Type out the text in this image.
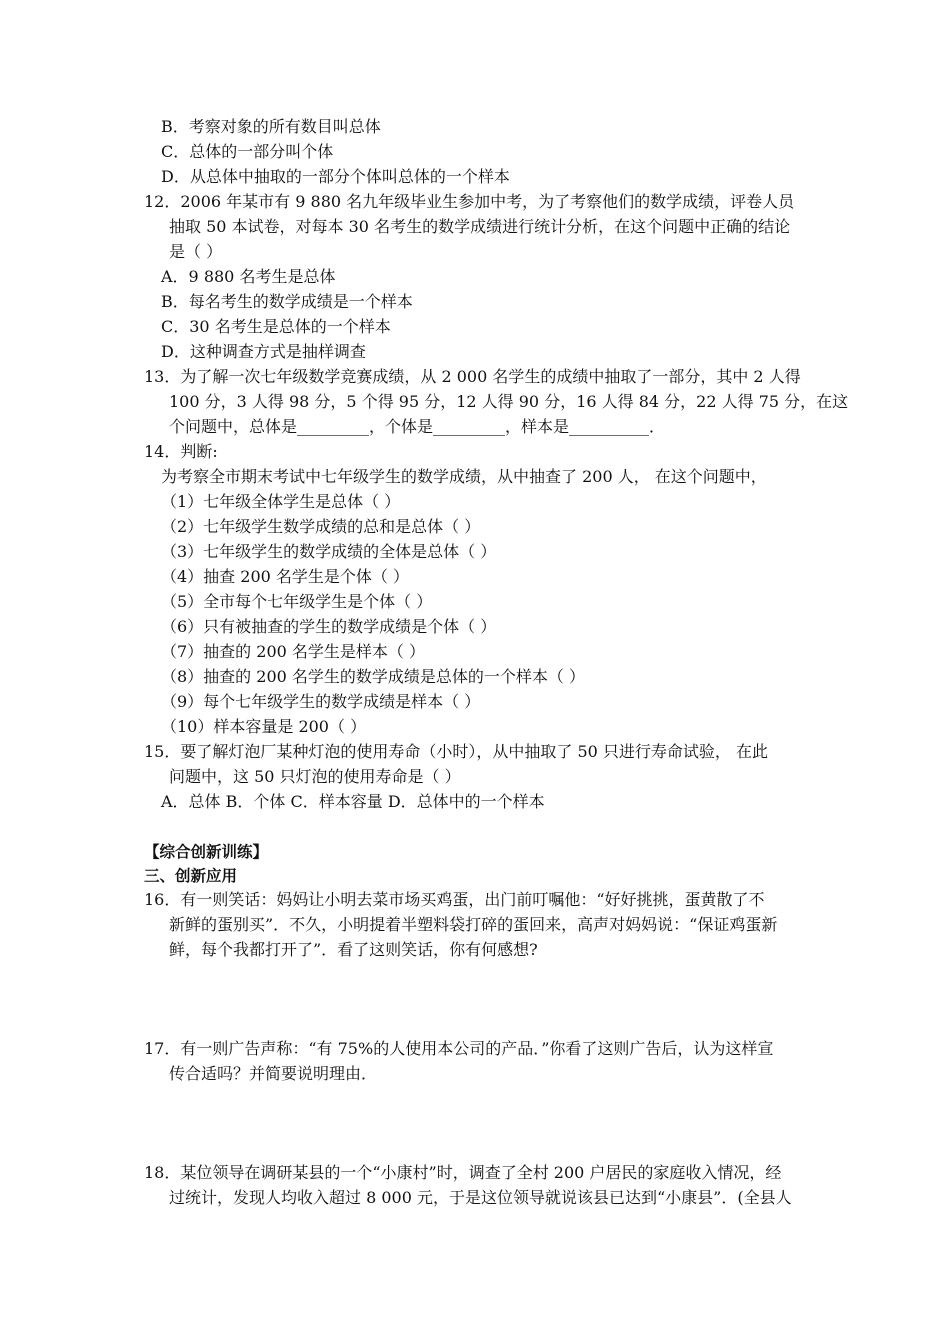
B．考察对象的所有数目叫总体
C．总体的一部分叫个体
D．从总体中抽取的一部分个体叫总体的一个样本
12．2006 年某市有 9 880 名九年级毕业生参加中考，为了考察他们的数学成绩，评卷人员
抽取 50 本试卷，对每本 30 名考生的数学成绩进行统计分析，在这个问题中正确的结论
是（ ）
A．9 880 名考生是总体
B．每名考生的数学成绩是一个样本
C．30 名考生是总体的一个样本
D．这种调查方式是抽样调查
13．为了解一次七年级数学竞赛成绩，从 2 000 名学生的成绩中抽取了一部分，其中 2 人得
100 分，3 人得 98 分，5 个得 95 分，12 人得 90 分，16 人得 84 分，22 人得 75 分，在这
个问题中，总体是_________，个体是_________，样本是__________．
14．判断:
为考察全市期末考试中七年级学生的数学成绩，从中抽查了 200 人， 在这个问题中，
（1）七年级全体学生是总体（ ）
（2）七年级学生数学成绩的总和是总体（ ）
（3）七年级学生的数学成绩的全体是总体（ ）
（4）抽查 200 名学生是个体（ ）
（5）全市每个七年级学生是个体（ ）
（6）只有被抽查的学生的数学成绩是个体（ ）
（7）抽查的 200 名学生是样本（ ）
（8）抽查的 200 名学生的数学成绩是总体的一个样本（ ）
（9）每个七年级学生的数学成绩是样本（ ）
（10）样本容量是 200（ ）
15．要了解灯泡厂某种灯泡的使用寿命（小时），从中抽取了 50 只进行寿命试验， 在此
问题中，这 50 只灯泡的使用寿命是（ ）
A．总体 B．个体 C．样本容量 D．总体中的一个样本
【综合创新训练】
三、创新应用
16．有一则笑话：妈妈让小明去菜市场买鸡蛋，出门前叮嘱他：“好好挑挑，蛋黄散了不
新鲜的蛋别买”．不久，小明提着半塑料袋打碎的蛋回来，高声对妈妈说：“保证鸡蛋新
鲜，每个我都打开了”．看了这则笑话，你有何感想?
17．有一则广告声称：“有 75%的人使用本公司的产品．”你看了这则广告后，认为这样宣
传合适吗？并简要说明理由．
18．某位领导在调研某县的一个“小康村”时，调查了全村 200 户居民的家庭收入情况，经
过统计，发现人均收入超过 8 000 元，于是这位领导就说该县已达到“小康县”．(全县人
